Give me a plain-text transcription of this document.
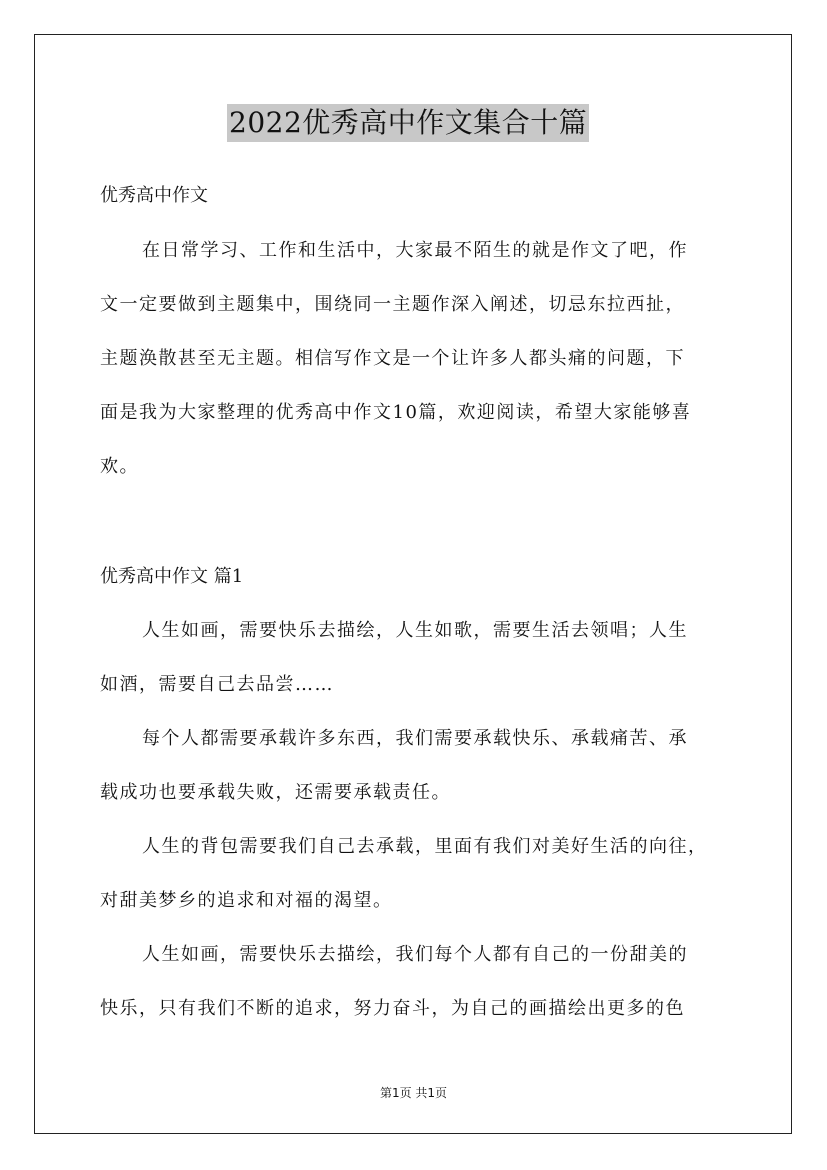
2022优秀高中作文集合十篇
优秀高中作文
在日常学习、工作和生活中，大家最不陌生的就是作文了吧，作
文一定要做到主题集中，围绕同一主题作深入阐述，切忌东拉西扯，
主题涣散甚至无主题。相信写作文是一个让许多人都头痛的问题，下
面是我为大家整理的优秀高中作文10篇，欢迎阅读，希望大家能够喜
欢。
优秀高中作文 篇1
人生如画，需要快乐去描绘，人生如歌，需要生活去领唱；人生
如酒，需要自己去品尝……
每个人都需要承载许多东西，我们需要承载快乐、承载痛苦、承
载成功也要承载失败，还需要承载责任。
人生的背包需要我们自己去承载，里面有我们对美好生活的向往，
对甜美梦乡的追求和对福的渴望。
人生如画，需要快乐去描绘，我们每个人都有自己的一份甜美的
快乐，只有我们不断的追求，努力奋斗，为自己的画描绘出更多的色
第1页 共1页
